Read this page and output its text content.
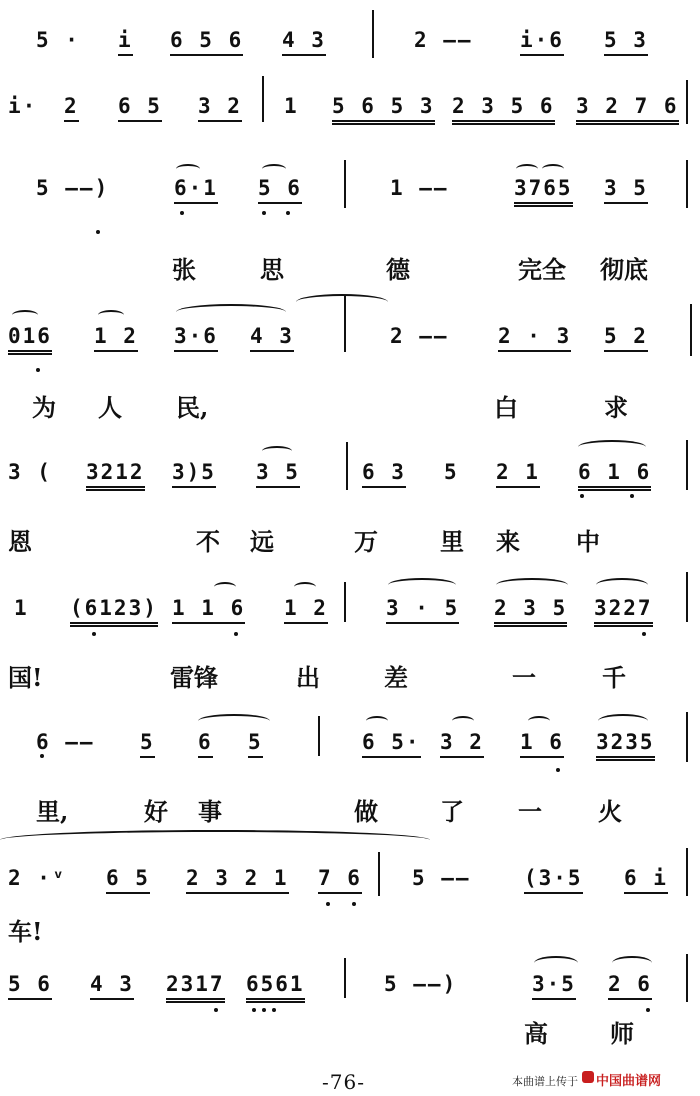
5 · i 6 5 6 4 3	2 —— i·6 5 3
i· 2 6 5 3 2 1 5 6 5 3 2 3 5 6 3 2 7 6
5 ——)	6·1 5 6	1 ——	3765 3 5
张	思	德	完全 彻底
016 1 2 3·6 4 3	2 —— 2 · 3 5 2
为 人 民,	白	求
3 ( 3212 3)5 3 5	6 3 5 2 1 6 1 6
恩	不 远	万	里 来 中
1 (6123) 1 1 6 1 2	3 · 5 2 3 5 3227
国!	雷锋	出	差	一	千
6 —— 5 6 5	6 5· 3 2 1 6 3235
里,	好 事	做	了 一 火
2 ·ᵛ 6 5 2 3 2 1 7 6 5 ——	(3·5 6 i
车!
5 6 4 3 2317 6561	5 ——)	3·5 2 6
高	师
-76-	本曲谱上传于 中国曲谱网
